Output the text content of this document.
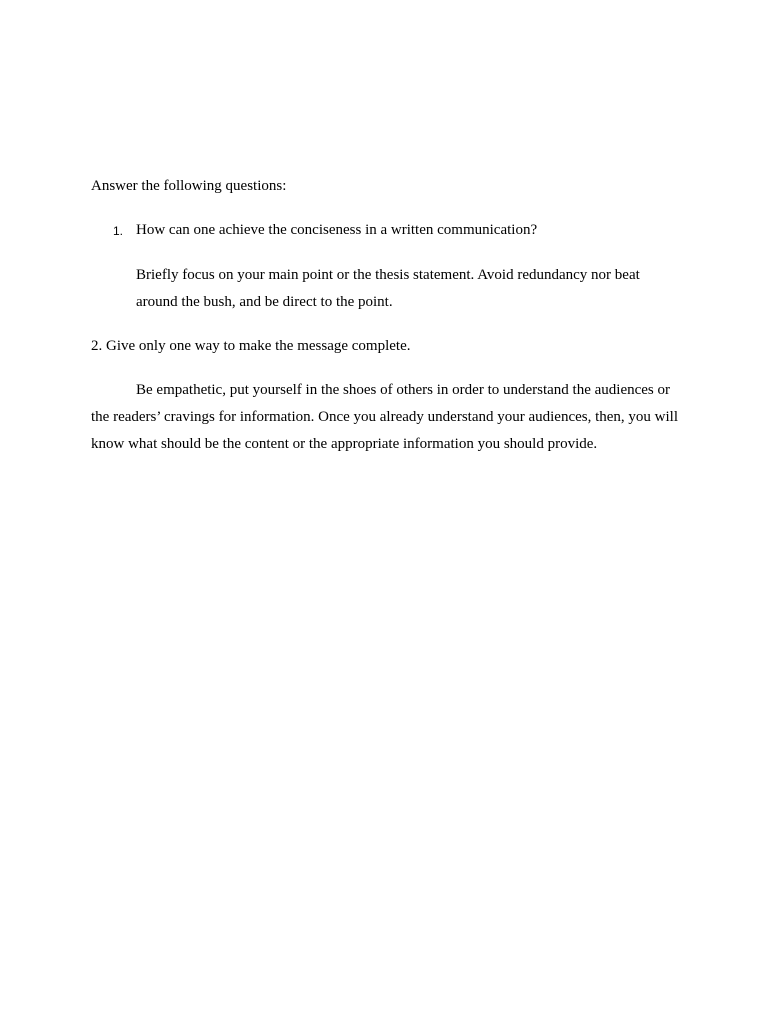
Answer the following questions:

1. How can one achieve the conciseness in a written communication?

Briefly focus on your main point or the thesis statement. Avoid redundancy nor beat around the bush, and be direct to the point.

2. Give only one way to make the message complete.

Be empathetic, put yourself in the shoes of others in order to understand the audiences or the readers’ cravings for information. Once you already understand your audiences, then, you will know what should be the content or the appropriate information you should provide.
